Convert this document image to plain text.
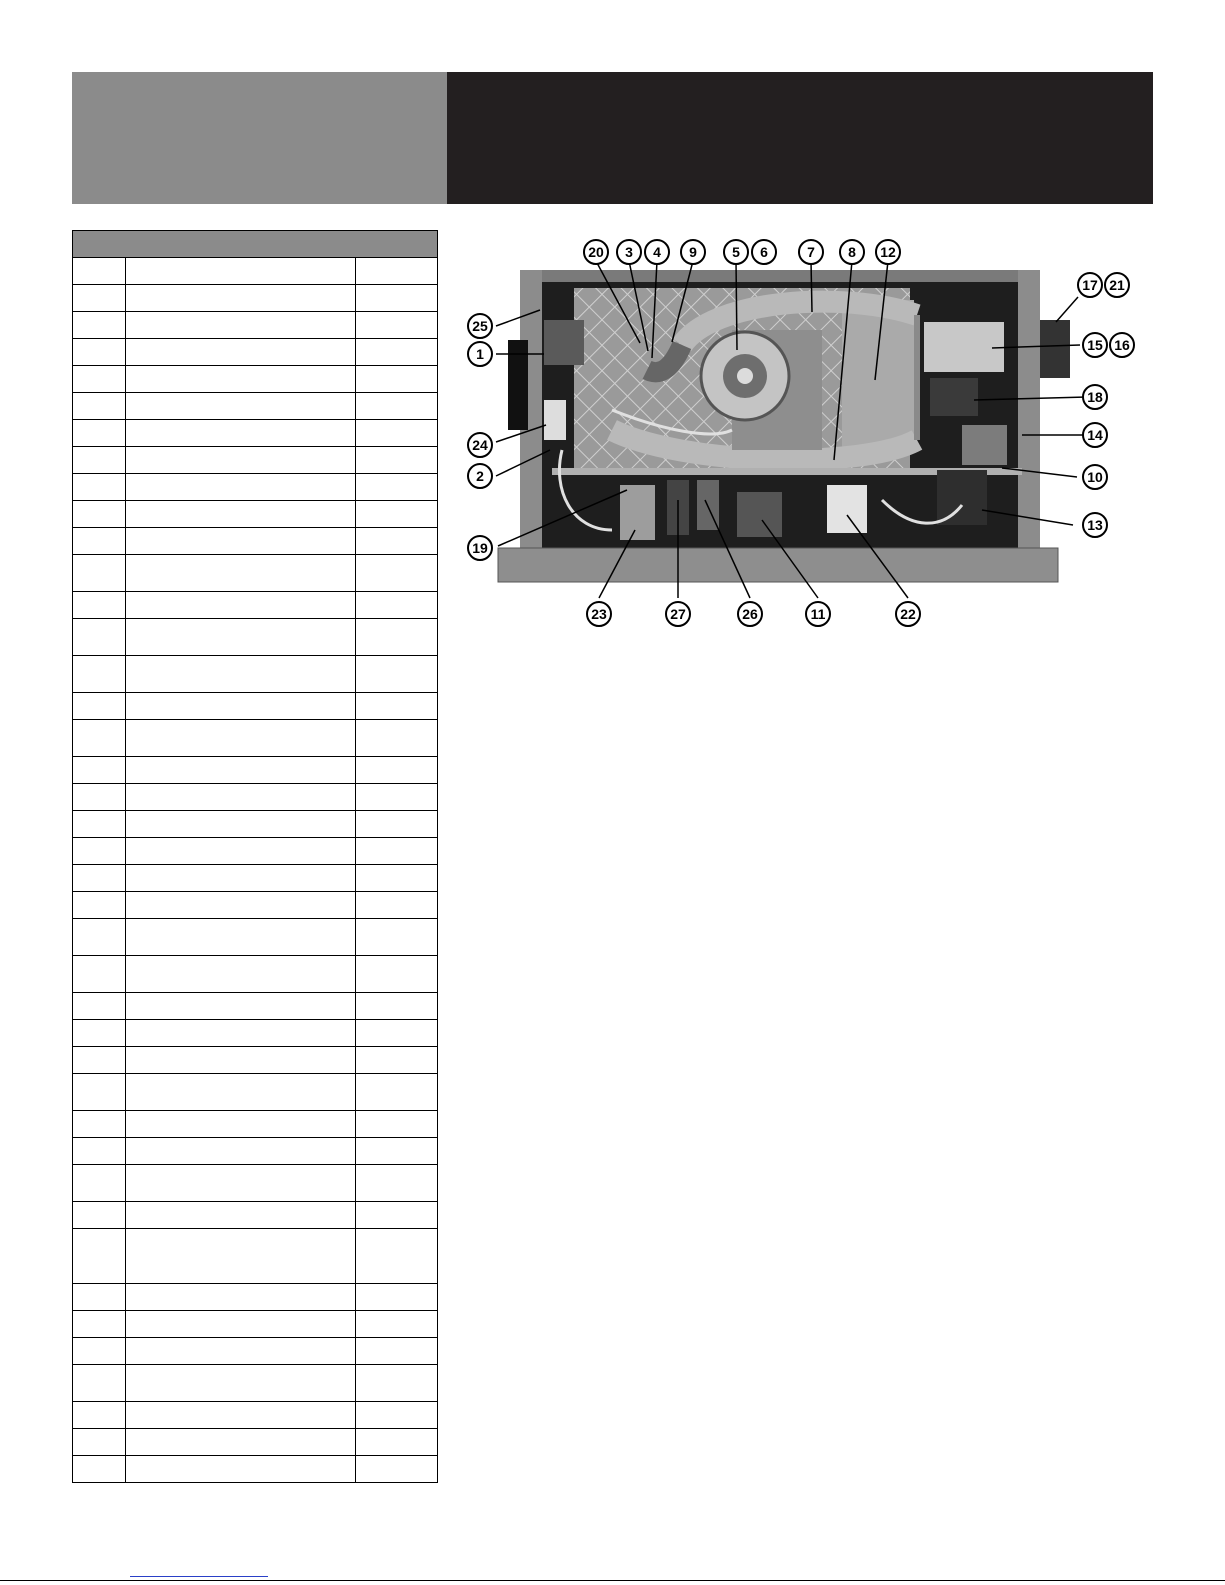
20 3 4 9	5 6	7 8 12
17 21
25
1
15 16
18
24
14
2	10
13
19
23	27	26	11	22
